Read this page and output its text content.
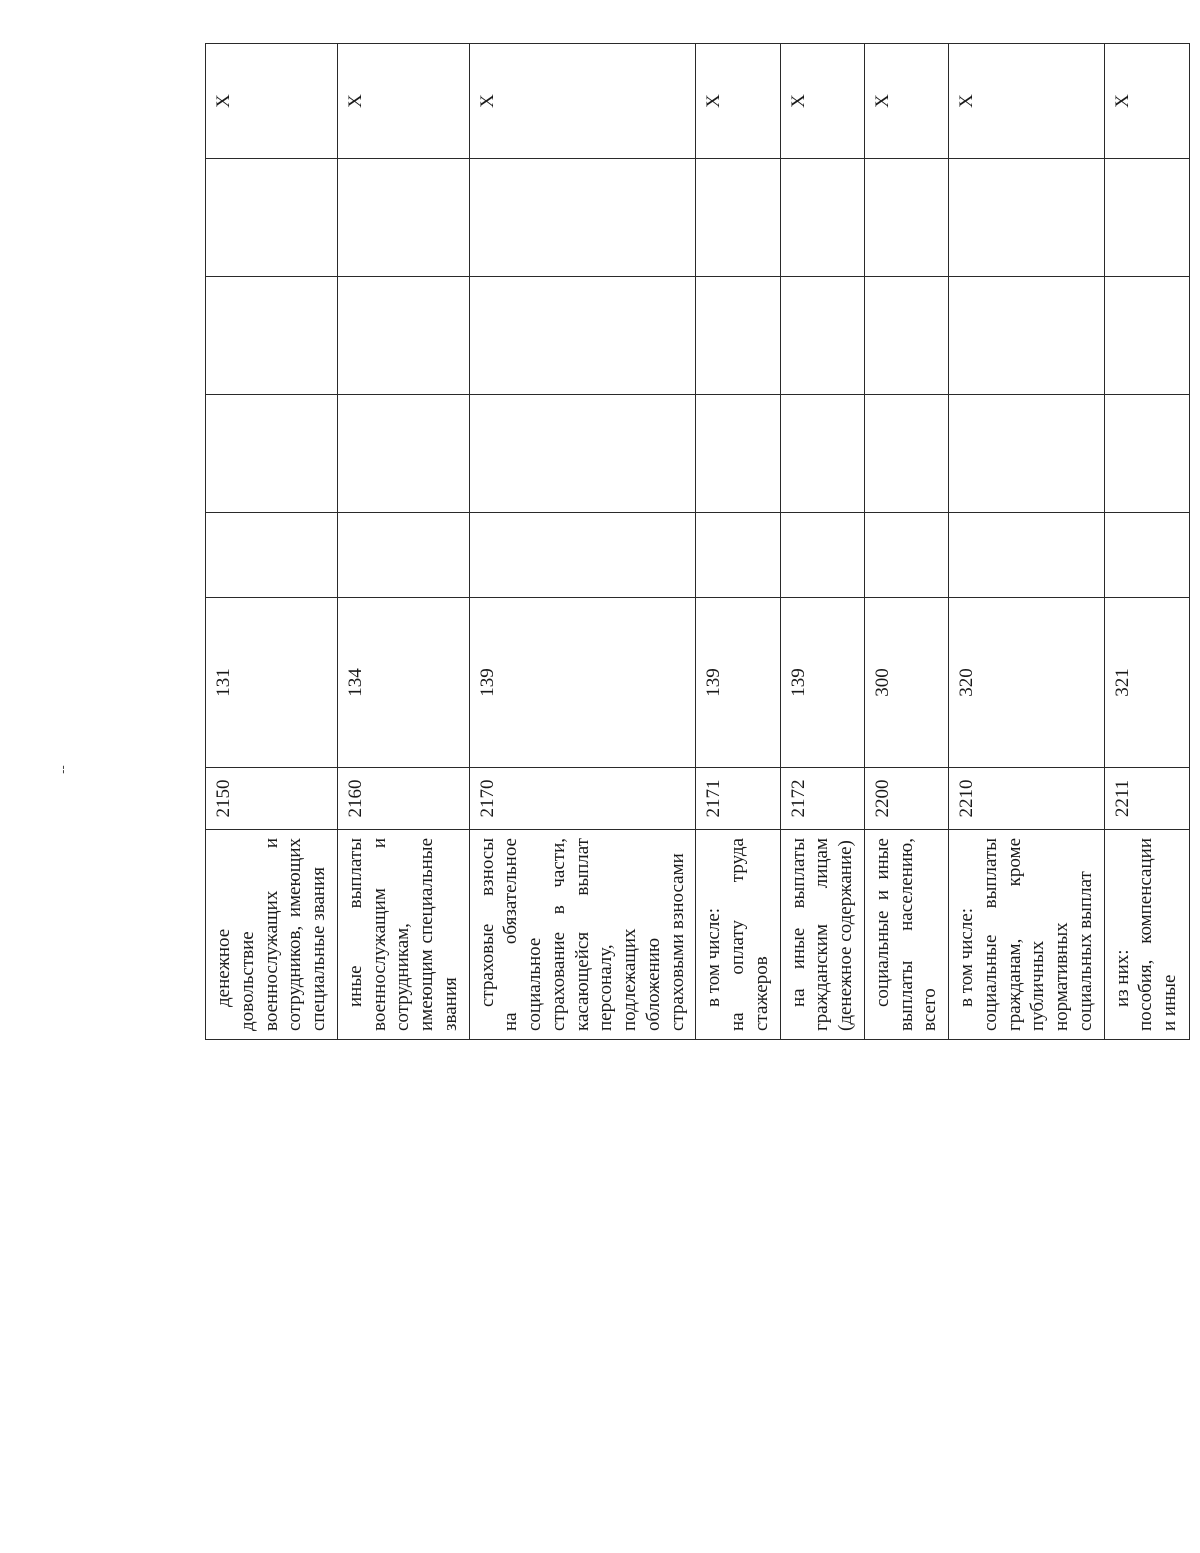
--
денежное довольствие военнослужащих и сотрудников, имеющих специальные звания	2150	131					X

иные выплаты военнослужащим и сотрудникам, имеющим специальные звания	2160	134					X

страховые взносы на обязательное социальное страхование в части, касающейся выплат персоналу, подлежащих обложению страховыми взносами	2170	139					X

в том числе: на оплату труда стажеров	2171	139					X

на иные выплаты гражданским лицам (денежное содержание)	2172	139					X

социальные и иные выплаты населению, всего	2200	300					X

в том числе: социальные выплаты гражданам, кроме публичных нормативных социальных выплат	2210	320					X

из них: пособия, компенсации и иные	2211	321					X
